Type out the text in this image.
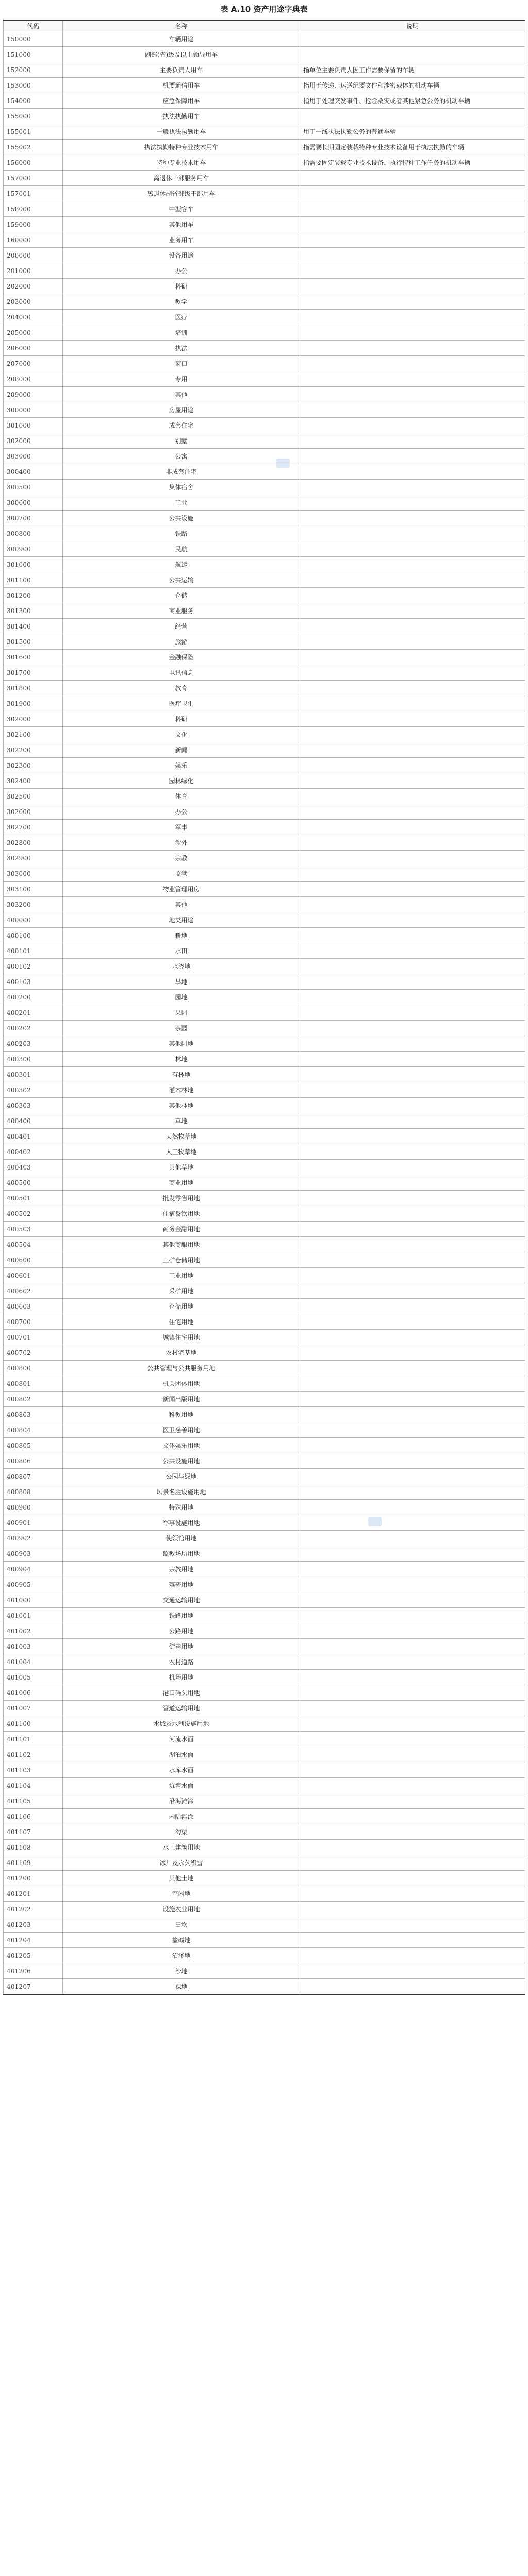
表 A.10 资产用途字典表
代码	名称	说明
150000	车辆用途	
151000	副部(省)级及以上领导用车	
152000	主要负责人用车	指单位主要负责人因工作需要保留的车辆
153000	机要通信用车	指用于传递、运送纪要文件和涉密载体的机动车辆
154000	应急保障用车	指用于处理突发事件、抢险救灾或者其他紧急公务的机动车辆
155000	执法执勤用车	
155001	一般执法执勤用车	用于一线执法执勤公务的普通车辆
155002	执法执勤特种专业技术用车	指需要长期固定装载特种专业技术设备用于执法执勤的车辆
156000	特种专业技术用车	指需要固定装载专业技术设备、执行特种工作任务的机动车辆
157000	离退休干部服务用车	
157001	离退休副省部级干部用车	
158000	中型客车	
159000	其他用车	
160000	业务用车	
200000	设备用途	
201000	办公	
202000	科研	
203000	教学	
204000	医疗	
205000	培训	
206000	执法	
207000	窗口	
208000	专用	
209000	其他	
300000	房屋用途	
301000	成套住宅	
302000	别墅	
303000	公寓	
300400	非成套住宅	
300500	集体宿舍	
300600	工业	
300700	公共设施	
300800	铁路	
300900	民航	
301000	航运	
301100	公共运输	
301200	仓储	
301300	商业服务	
301400	经营	
301500	旅游	
301600	金融保险	
301700	电讯信息	
301800	教育	
301900	医疗卫生	
302000	科研	
302100	文化	
302200	新闻	
302300	娱乐	
302400	园林绿化	
302500	体育	
302600	办公	
302700	军事	
302800	涉外	
302900	宗教	
303000	监狱	
303100	物业管理用房	
303200	其他	
400000	地类用途	
400100	耕地	
400101	水田	
400102	水浇地	
400103	旱地	
400200	园地	
400201	果园	
400202	茶园	
400203	其他园地	
400300	林地	
400301	有林地	
400302	灌木林地	
400303	其他林地	
400400	草地	
400401	天然牧草地	
400402	人工牧草地	
400403	其他草地	
400500	商业用地	
400501	批发零售用地	
400502	住宿餐饮用地	
400503	商务金融用地	
400504	其他商服用地	
400600	工矿仓储用地	
400601	工业用地	
400602	采矿用地	
400603	仓储用地	
400700	住宅用地	
400701	城镇住宅用地	
400702	农村宅基地	
400800	公共管理与公共服务用地	
400801	机关团体用地	
400802	新闻出版用地	
400803	科教用地	
400804	医卫慈善用地	
400805	文体娱乐用地	
400806	公共设施用地	
400807	公园与绿地	
400808	风景名胜设施用地	
400900	特殊用地	
400901	军事设施用地	
400902	使领馆用地	
400903	监教场所用地	
400904	宗教用地	
400905	殡葬用地	
401000	交通运输用地	
401001	铁路用地	
401002	公路用地	
401003	街巷用地	
401004	农村道路	
401005	机场用地	
401006	港口码头用地	
401007	管道运输用地	
401100	水域及水利设施用地	
401101	河流水面	
401102	湖泊水面	
401103	水库水面	
401104	坑塘水面	
401105	沿海滩涂	
401106	内陆滩涂	
401107	沟渠	
401108	水工建筑用地	
401109	冰川及永久积雪	
401200	其他土地	
401201	空闲地	
401202	设施农业用地	
401203	田坎	
401204	盐碱地	
401205	沼泽地	
401206	沙地	
401207	裸地	
